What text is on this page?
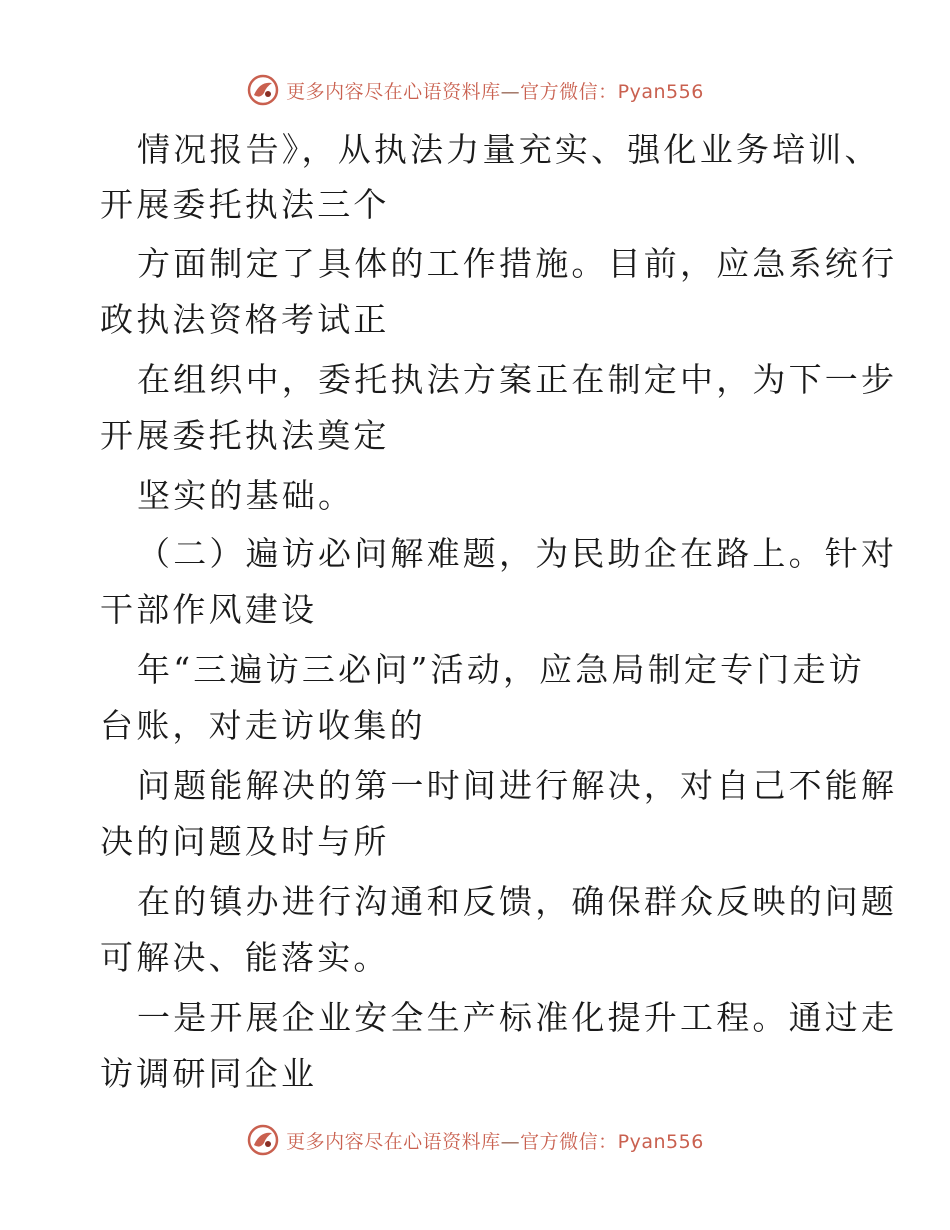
更多内容尽在心语资料库—官方微信：Pyan556
情况报告》，从执法力量充实、强化业务培训、
开展委托执法三个
方面制定了具体的工作措施。目前，应急系统行
政执法资格考试正
在组织中，委托执法方案正在制定中，为下一步
开展委托执法奠定
坚实的基础。
（二）遍访必问解难题，为民助企在路上。针对
干部作风建设
年“三遍访三必问”活动，应急局制定专门走访
台账，对走访收集的
问题能解决的第一时间进行解决，对自己不能解
决的问题及时与所
在的镇办进行沟通和反馈，确保群众反映的问题
可解决、能落实。
一是开展企业安全生产标准化提升工程。通过走
访调研同企业
更多内容尽在心语资料库—官方微信：Pyan556
